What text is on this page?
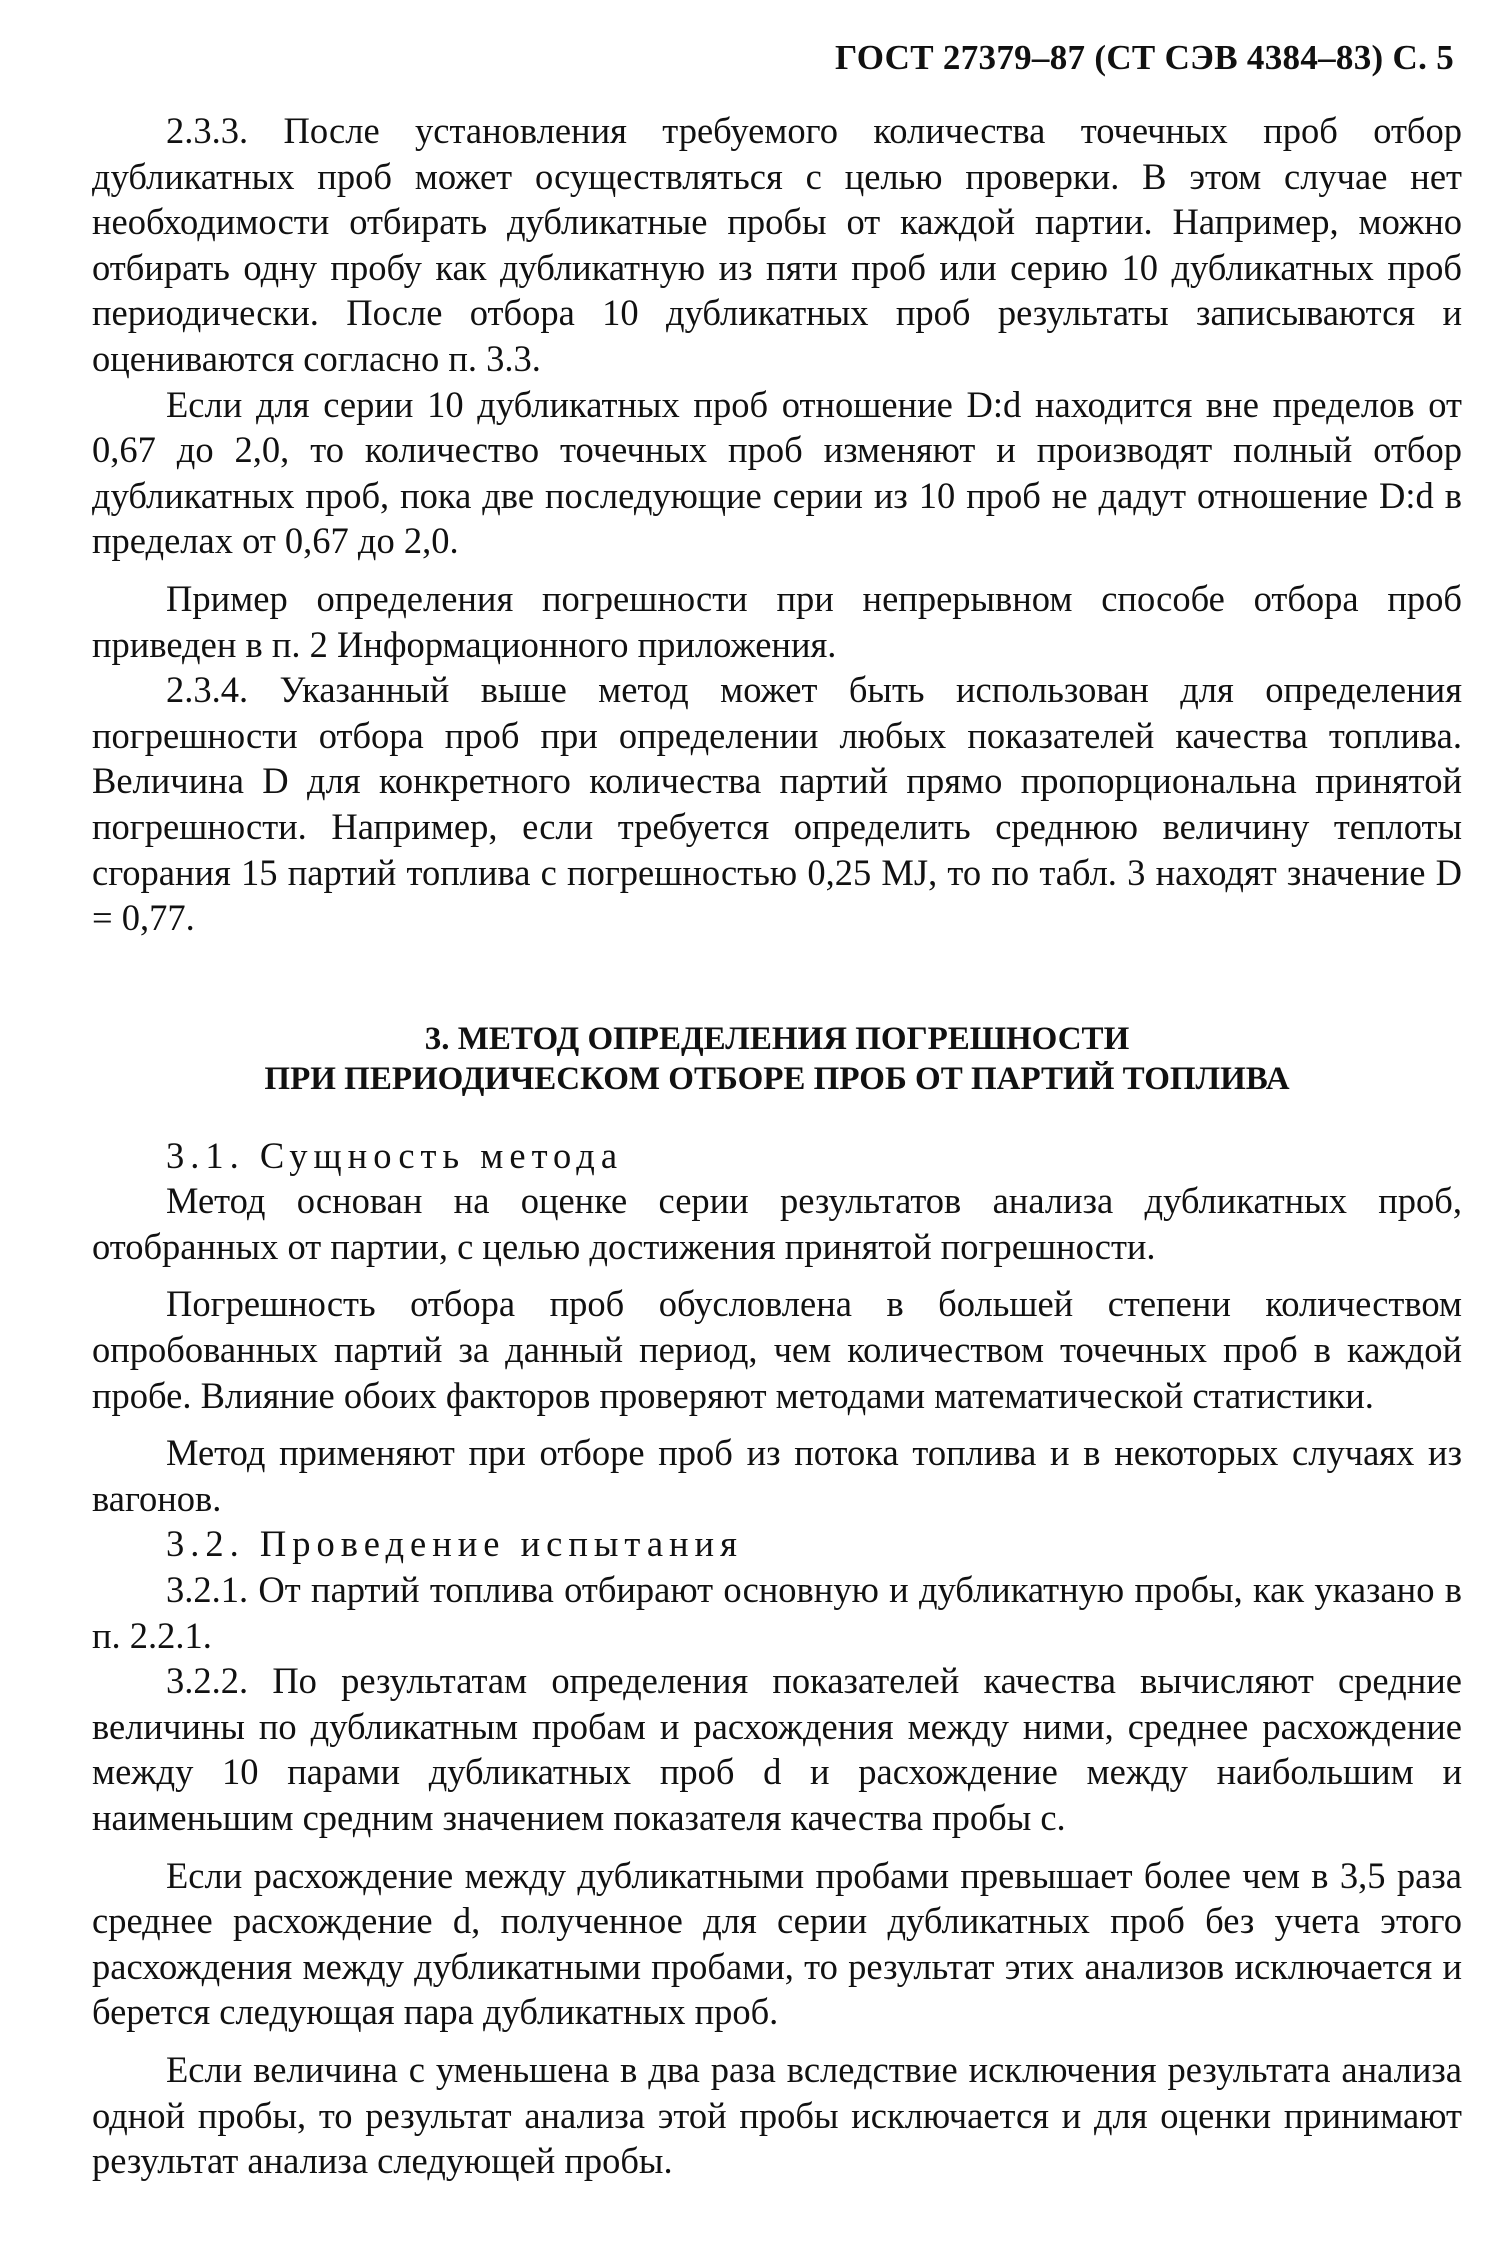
ГОСТ 27379–87 (СТ СЭВ 4384–83) С. 5

2.3.3. После установления требуемого количества точечных проб отбор дубликатных проб может осуществляться с целью проверки. В этом случае нет необходимости отбирать дубликатные пробы от каждой партии. Например, можно отбирать одну пробу как дубликатную из пяти проб или серию 10 дубликатных проб периодически. После отбора 10 дубликатных проб результаты записываются и оцениваются согласно п. 3.3.

Если для серии 10 дубликатных проб отношение D:d находится вне пределов от 0,67 до 2,0, то количество точечных проб изменяют и производят полный отбор дубликатных проб, пока две последующие серии из 10 проб не дадут отношение D:d в пределах от 0,67 до 2,0.

Пример определения погрешности при непрерывном способе отбора проб приведен в п. 2 Информационного приложения.

2.3.4. Указанный выше метод может быть использован для определения погрешности отбора проб при определении любых показателей качества топлива. Величина D для конкретного количества партий прямо пропорциональна принятой погрешности. Например, если требуется определить среднюю величину теплоты сгорания 15 партий топлива с погрешностью 0,25 MJ, то по табл. 3 находят значение D = 0,77.

3. МЕТОД ОПРЕДЕЛЕНИЯ ПОГРЕШНОСТИ
ПРИ ПЕРИОДИЧЕСКОМ ОТБОРЕ ПРОБ ОТ ПАРТИЙ ТОПЛИВА

3.1. Сущность метода

Метод основан на оценке серии результатов анализа дубликатных проб, отобранных от партии, с целью достижения принятой погрешности.

Погрешность отбора проб обусловлена в большей степени количеством опробованных партий за данный период, чем количеством точечных проб в каждой пробе. Влияние обоих факторов проверяют методами математической статистики.

Метод применяют при отборе проб из потока топлива и в некоторых случаях из вагонов.

3.2. Проведение испытания

3.2.1. От партий топлива отбирают основную и дубликатную пробы, как указано в п. 2.2.1.

3.2.2. По результатам определения показателей качества вычисляют средние величины по дубликатным пробам и расхождения между ними, среднее расхождение между 10 парами дубликатных проб d и расхождение между наибольшим и наименьшим средним значением показателя качества пробы c.

Если расхождение между дубликатными пробами превышает более чем в 3,5 раза среднее расхождение d, полученное для серии дубликатных проб без учета этого расхождения между дубликатными пробами, то результат этих анализов исключается и берется следующая пара дубликатных проб.

Если величина c уменьшена в два раза вследствие исключения результата анализа одной пробы, то результат анализа этой пробы исключается и для оценки принимают результат анализа следующей пробы.
